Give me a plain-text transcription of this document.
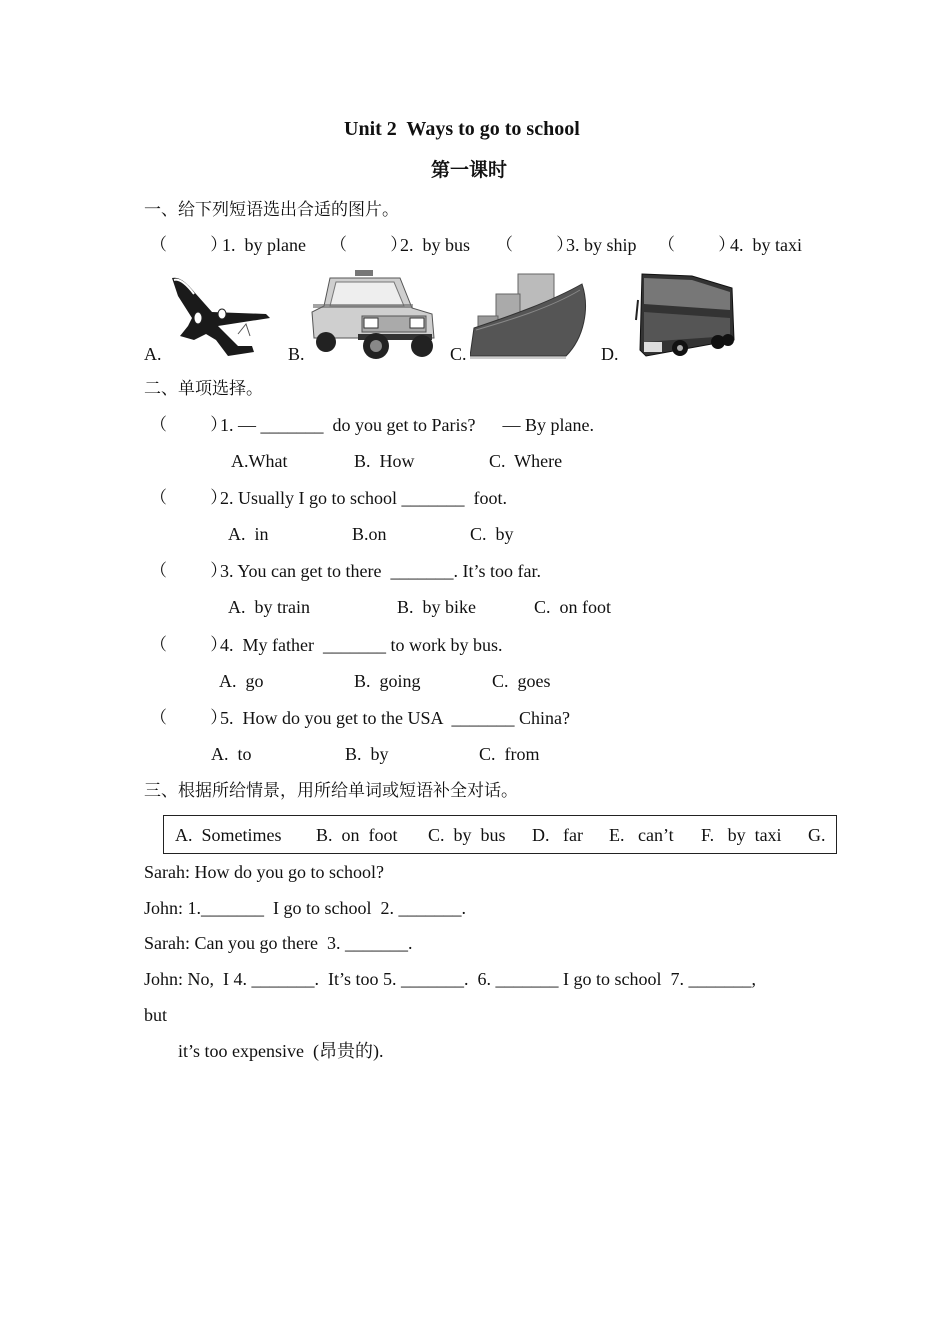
Unit 2  Ways to go to school
第一课时
一、给下列短语选出合适的图片。
（        ）
1.  by plane （        ）
2.  by bus （        ）
3. by ship （        ）
4.  by taxi
A.	B.	C.	D.
二、单项选择。
（        ）
1. — _______  do you get to Paris?      — By plane.
A.What	B.  How	C.  Where
（        ）
2. Usually I go to school _______  foot.
A.  in	B.on	C.  by
（        ）
3. You can get to there  _______. It’s too far.
A.  by train	B.  by bike	C.  on foot
（        ）
4.  My father  _______ to work by bus.
A.  go	B.  going	C.  goes
（        ）
5.  How do you get to the USA  _______ China?
A.  to	B.  by	C.  from
三、根据所给情景，用所给单词或短语补全对话。
A.  Sometimes B.  on  foot C.  by  bus D.   far E.   can’t F.   by  taxi G.
Sarah: How do you go to school?
John: 1._______  I go to school  2. _______.
Sarah: Can you go there  3. _______.
John: No,  I 4. _______.  It’s too 5. _______.  6. _______ I go to school  7. _______,
but
it’s too expensive  (昂贵的).
